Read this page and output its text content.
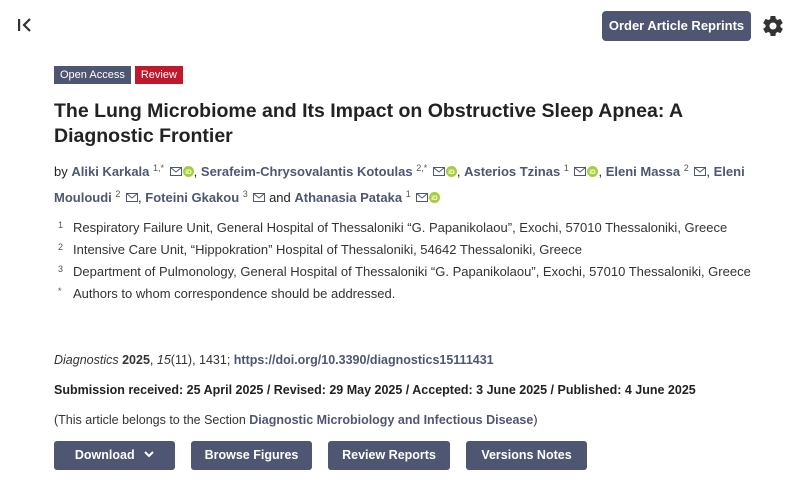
Order Article Reprints
Open Access	Review
The Lung Microbiome and Its Impact on Obstructive Sleep Apnea: A Diagnostic Frontier
by Aliki Karkala $^{1,*}$	iD , Serafeim-Chrysovalantis Kotoulas $^{2,*}$	iD , Asterios Tzinas $^1$	iD , Eleni Massa $^2$ , Eleni Mouloudi $^2$ , Foteini Gkakou $^3$ and Athanasia Pataka $^1$	iD
1 Respiratory Failure Unit, General Hospital of Thessaloniki “G. Papanikolaou”, Exochi, 57010 Thessaloniki, Greece
2 Intensive Care Unit, “Hippokration” Hospital of Thessaloniki, 54642 Thessaloniki, Greece
3 Department of Pulmonology, General Hospital of Thessaloniki “G. Papanikolaou”, Exochi, 57010 Thessaloniki, Greece
* Authors to whom correspondence should be addressed.
Diagnostics 2025, 15(11), 1431; https://doi.org/10.3390/diagnostics15111431
Submission received: 25 April 2025 / Revised: 29 May 2025 / Accepted: 3 June 2025 / Published: 4 June 2025
(This article belongs to the Section Diagnostic Microbiology and Infectious Disease)
Download	Browse Figures	Review Reports	Versions Notes
